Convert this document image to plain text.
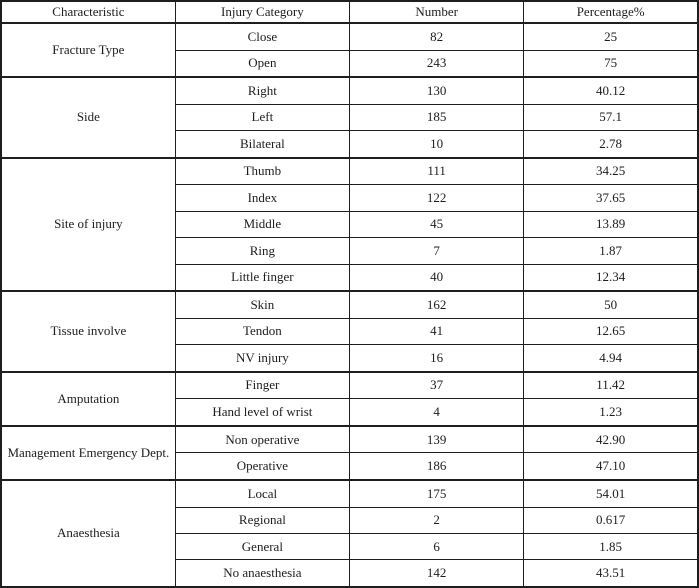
Characteristic	Injury Category	Number	Percentage%
Fracture Type	Close	82	25
	Open	243	75
Side	Right	130	40.12
	Left	185	57.1
	Bilateral	10	2.78
Site of injury	Thumb	111	34.25
	Index	122	37.65
	Middle	45	13.89
	Ring	7	1.87
	Little finger	40	12.34
Tissue involve	Skin	162	50
	Tendon	41	12.65
	NV injury	16	4.94
Amputation	Finger	37	11.42
	Hand level of wrist	4	1.23
Management Emergency Dept.	Non operative	139	42.90
	Operative	186	47.10
Anaesthesia	Local	175	54.01
	Regional	2	0.617
	General	6	1.85
	No anaesthesia	142	43.51
